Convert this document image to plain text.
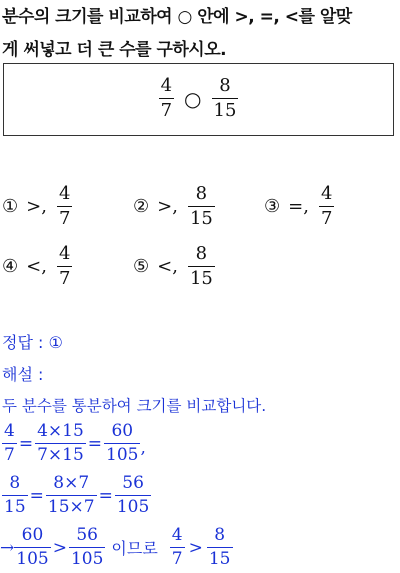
분수의 크기를 비교하여 ○ 안에 >, =, <를 알맞
게 써넣고 더 큰 수를 구하시오.
$\frac{4}{7}$ ○ $\frac{8}{15}$
① >, $\frac{4}{7}$	② >, $\frac{8}{15}$	③ =, $\frac{4}{7}$
④ <, $\frac{4}{7}$	⑤ <, $\frac{8}{15}$
정답 : ①
해설 :
두 분수를 통분하여 크기를 비교합니다.
$\frac{4}{7} = \frac{4\times 15}{7\times 15} = \frac{60}{105}$ ,
$\frac{8}{15} = \frac{8\times 7}{15\times 7} = \frac{56}{105}$
→ $\frac{60}{105} > \frac{56}{105}$ 이므로 $\frac{4}{7} > \frac{8}{15}$
